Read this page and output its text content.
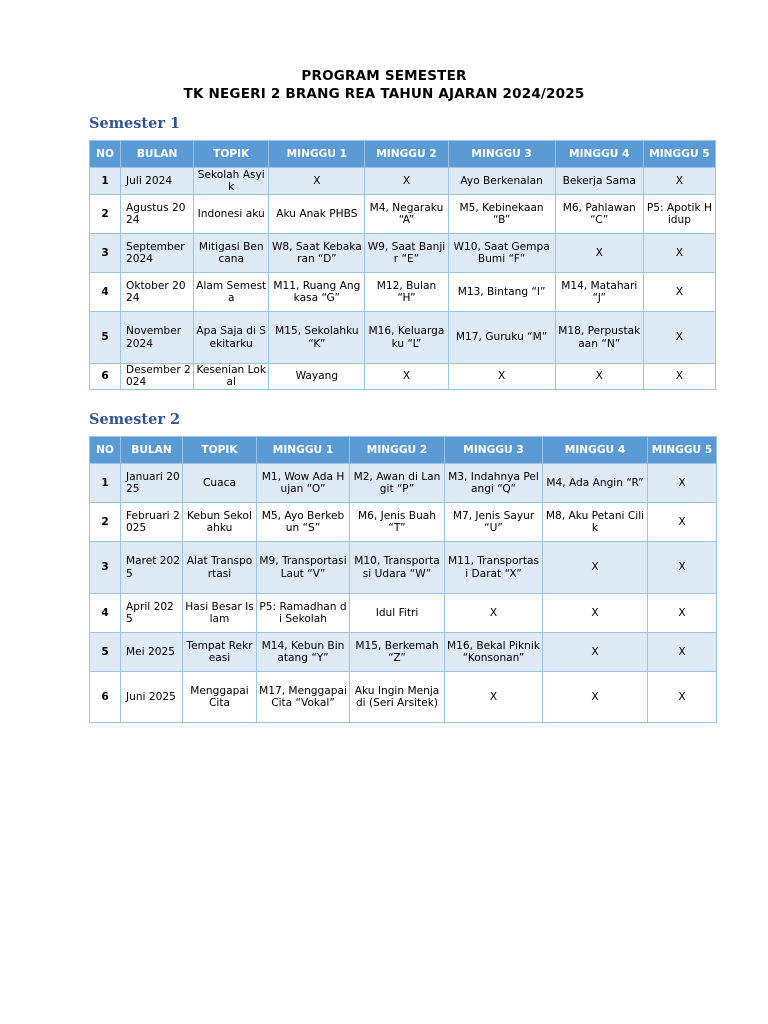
PROGRAM SEMESTER
TK NEGERI 2 BRANG REA TAHUN AJARAN 2024/2025
Semester 1
NO	BULAN	TOPIK	MINGGU 1	MINGGU 2	MINGGU 3	MINGGU 4	MINGGU 5
1	Juli 2024	Sekolah Asyik	X	X	Ayo Berkenalan	Bekerja Sama	X
2	Agustus 2024	Indonesi aku	Aku Anak PHBS	M4, Negaraku “A”	M5, Kebinekaan “B”	M6, Pahlawan “C”	P5: Apotik Hidup
3	September 2024	Mitigasi Bencana	W8, Saat Kebakaran “D”	W9, Saat Banjir “E”	W10, Saat Gempa Bumi “F”	X	X
4	Oktober 2024	Alam Semesta	M11, Ruang Angkasa “G”	M12, Bulan “H”	M13, Bintang “I”	M14, Matahari “J”	X
5	November 2024	Apa Saja di Sekitarku	M15, Sekolahku “K”	M16, Keluargaku “L”	M17, Guruku “M”	M18, Perpustakaan “N”	X
6	Desember 2024	Kesenian Lokal	Wayang	X	X	X	X
Semester 2
NO	BULAN	TOPIK	MINGGU 1	MINGGU 2	MINGGU 3	MINGGU 4	MINGGU 5
1	Januari 2025	Cuaca	M1, Wow Ada Hujan “O”	M2, Awan di Langit “P”	M3, Indahnya Pelangi “Q”	M4, Ada Angin “R”	X
2	Februari 2025	Kebun Sekolahku	M5, Ayo Berkebun “S”	M6, Jenis Buah “T”	M7, Jenis Sayur “U”	M8, Aku Petani Cilik	X
3	Maret 2025	Alat Transportasi	M9, Transportasi Laut “V”	M10, Transportasi Udara “W”	M11, Transportasi Darat “X”	X	X
4	April 2025	Hasi Besar Islam	P5: Ramadhan di Sekolah	Idul Fitri	X	X	X
5	Mei 2025	Tempat Rekreasi	M14, Kebun Binatang “Y”	M15, Berkemah “Z”	M16, Bekal Piknik “Konsonan”	X	X
6	Juni 2025	Menggapai Cita	M17, Menggapai Cita “Vokal”	Aku Ingin Menjadi (Seri Arsitek)	X	X	X
